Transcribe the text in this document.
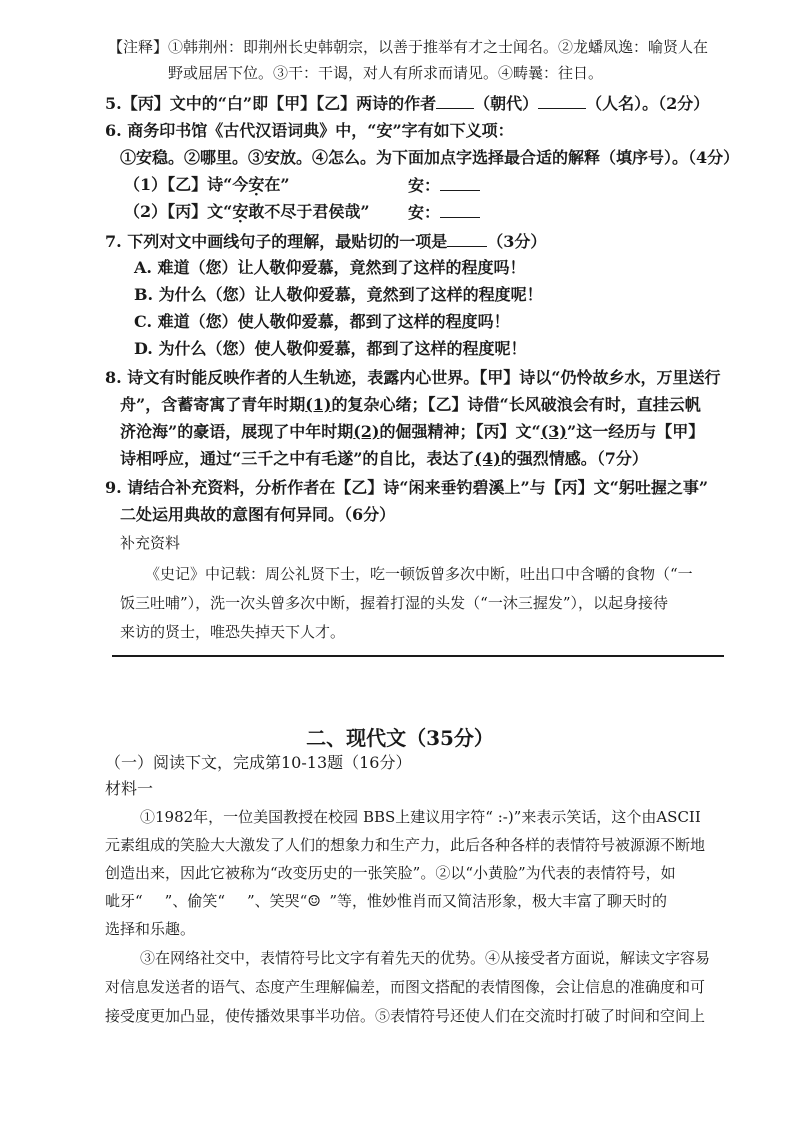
【注释】①韩荆州：即荆州长史韩朝宗，以善于推举有才之士闻名。②龙蟠凤逸：喻贤人在
野或屈居下位。③干：干谒，对人有所求而请见。④畴曩：往日。
5.【丙】文中的“白”即【甲】【乙】两诗的作者 （朝代）	（人名）。（2分）
6. 商务印书馆《古代汉语词典》中，“安”字有如下义项：
①安稳。②哪里。③安放。④怎么。为下面加点字选择最合适的解释（填序号）。（4分）
（1）【乙】诗“今安在”	安：
（2）【丙】文“安敢不尽于君侯哉” 安：
7. 下列对文中画线句子的理解，最贴切的一项是	（3分）
A. 难道（您）让人敬仰爱慕，竟然到了这样的程度吗！
B. 为什么（您）让人敬仰爱慕，竟然到了这样的程度呢！
C. 难道（您）使人敬仰爱慕，都到了这样的程度吗！
D. 为什么（您）使人敬仰爱慕，都到了这样的程度呢！
8. 诗文有时能反映作者的人生轨迹，表露内心世界。【甲】诗以“仍怜故乡水，万里送行
舟”，含蓄寄寓了青年时期(1)的复杂心绪；【乙】诗借“长风破浪会有时，直挂云帆
济沧海”的豪语，展现了中年时期(2)的倔强精神；【丙】文“(3)”这一经历与【甲】
诗相呼应，通过“三千之中有毛遂”的自比，表达了(4)的强烈情感。（7分）
9. 请结合补充资料，分析作者在【乙】诗“闲来垂钓碧溪上”与【丙】文“躬吐握之事”
二处运用典故的意图有何异同。（6分）
补充资料
《史记》中记载：周公礼贤下士，吃一顿饭曾多次中断，吐出口中含嚼的食物（“一
饭三吐哺”），洗一次头曾多次中断，握着打湿的头发（“一沐三握发”），以起身接待
来访的贤士，唯恐失掉天下人才。
二、现代文（35分）
（一）阅读下文，完成第10-13题（16分）
材料一
①1982年，一位美国教授在校园 BBS上建议用字符“ :-)”来表示笑话，这个由ASCII
元素组成的笑脸大大激发了人们的想象力和生产力，此后各种各样的表情符号被源源不断地
创造出来，因此它被称为“改变历史的一张笑脸”。②以“小黄脸”为代表的表情符号，如
呲牙“ ”、偷笑“ ”、笑哭“☺ ”等，惟妙惟肖而又简洁形象，极大丰富了聊天时的
选择和乐趣。
③在网络社交中，表情符号比文字有着先天的优势。④从接受者方面说，解读文字容易
对信息发送者的语气、态度产生理解偏差，而图文搭配的表情图像，会让信息的准确度和可
接受度更加凸显，使传播效果事半功倍。⑤表情符号还使人们在交流时打破了时间和空间上
